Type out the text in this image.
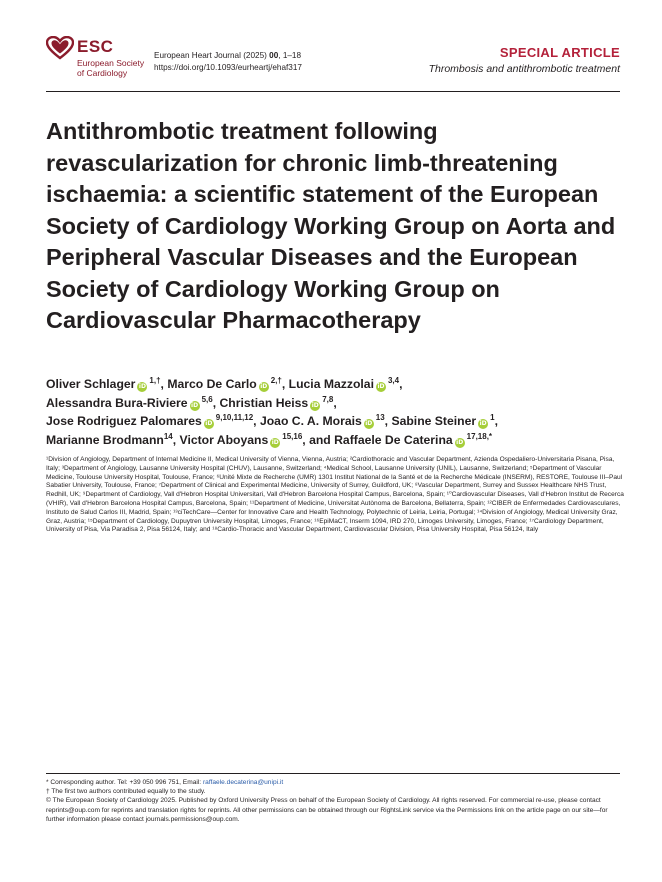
ESC
European Society
of Cardiology
European Heart Journal (2025) 00, 1–18
https://doi.org/10.1093/eurheartj/ehaf317
SPECIAL ARTICLE
Thrombosis and antithrombotic treatment
Antithrombotic treatment following revascularization for chronic limb-threatening ischaemia: a scientific statement of the European Society of Cardiology Working Group on Aorta and Peripheral Vascular Diseases and the European Society of Cardiology Working Group on Cardiovascular Pharmacotherapy
Oliver Schlager $iD^{1,\dagger}$, Marco De Carlo $iD^{2,\dagger}$, Lucia Mazzolai iD$^{3,4}$,
Alessandra Bura-Riviere iD$^{5,6}$, Christian Heiss iD$^{7,8}$,
Jose Rodriguez Palomares iD$^{9,10,11,12}$, Joao C. A. Morais $iD^{13}$, Sabine Steiner $iD^1$,
Marianne Brodmann$^{14}$, Victor Aboyans iD$^{15,16}$, and Raffaele De Caterina $iD^{17,18,*}$
¹Division of Angiology, Department of Internal Medicine II, Medical University of Vienna, Vienna, Austria; ²Cardiothoracic and Vascular Department, Azienda Ospedaliero-Universitaria Pisana, Pisa, Italy; ³Department of Angiology, Lausanne University Hospital (CHUV), Lausanne, Switzerland; ⁴Medical School, Lausanne University (UNIL), Lausanne, Switzerland; ⁵Department of Vascular Medicine, Toulouse University Hospital, Toulouse, France; ⁶Unité Mixte de Recherche (UMR) 1301 Institut National de la Santé et de la Recherche Médicale (INSERM), RESTORE, Toulouse III–Paul Sabatier University, Toulouse, France; ⁷Department of Clinical and Experimental Medicine, University of Surrey, Guildford, UK; ⁸Vascular Department, Surrey and Sussex Healthcare NHS Trust, Redhill, UK; ⁹Department of Cardiology, Vall d'Hebron Hospital Universitari, Vall d'Hebron Barcelona Hospital Campus, Barcelona, Spain; ¹⁰Cardiovascular Diseases, Vall d'Hebron Institut de Recerca (VHIR), Vall d'Hebron Barcelona Hospital Campus, Barcelona, Spain; ¹¹Department of Medicine, Universitat Autònoma de Barcelona, Bellaterra, Spain; ¹²CIBER de Enfermedades Cardiovasculares, Instituto de Salud Carlos III, Madrid, Spain; ¹³ciTechCare—Center for Innovative Care and Health Technology, Polytechnic of Leiria, Leiria, Portugal; ¹⁴Division of Angiology, Medical University Graz, Graz, Austria; ¹⁵Department of Cardiology, Dupuytren University Hospital, Limoges, France; ¹⁶EpiMaCT, Inserm 1094, IRD 270, Limoges University, Limoges, France; ¹⁷Cardiology Department, University of Pisa, Via Paradisa 2, Pisa 56124, Italy; and ¹⁸Cardio-Thoracic and Vascular Department, Cardiovascular Division, Pisa University Hospital, Pisa 56124, Italy
* Corresponding author. Tel: +39 050 996 751, Email: raffaele.decaterina@unipi.it
† The first two authors contributed equally to the study.
© The European Society of Cardiology 2025. Published by Oxford University Press on behalf of the European Society of Cardiology. All rights reserved. For commercial re-use, please contact reprints@oup.com for reprints and translation rights for reprints. All other permissions can be obtained through our RightsLink service via the Permissions link on the article page on our site—for further information please contact journals.permissions@oup.com.
